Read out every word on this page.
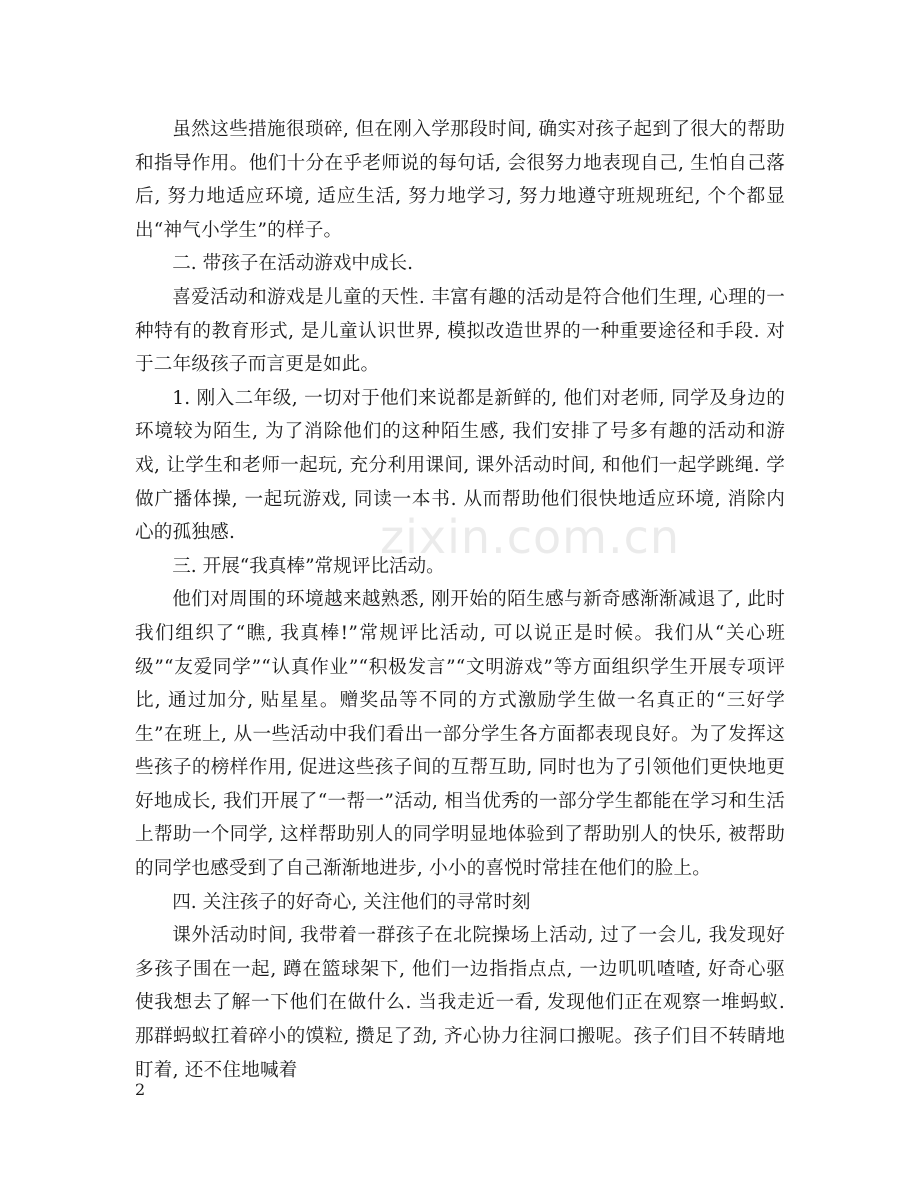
zixin.com.cn

虽然这些措施很琐碎, 但在刚入学那段时间, 确实对孩子起到了很大的帮助和指导作用。他们十分在乎老师说的每句话, 会很努力地表现自己, 生怕自己落后, 努力地适应环境, 适应生活, 努力地学习, 努力地遵守班规班纪, 个个都显出“神气小学生”的样子。

二. 带孩子在活动游戏中成长.

喜爱活动和游戏是儿童的天性. 丰富有趣的活动是符合他们生理, 心理的一种特有的教育形式, 是儿童认识世界, 模拟改造世界的一种重要途径和手段. 对于二年级孩子而言更是如此。

1. 刚入二年级, 一切对于他们来说都是新鲜的, 他们对老师, 同学及身边的环境较为陌生, 为了消除他们的这种陌生感, 我们安排了号多有趣的活动和游戏, 让学生和老师一起玩, 充分利用课间, 课外活动时间, 和他们一起学跳绳. 学做广播体操, 一起玩游戏, 同读一本书. 从而帮助他们很快地适应环境, 消除内心的孤独感.

三. 开展“我真棒”常规评比活动。

他们对周围的环境越来越熟悉, 刚开始的陌生感与新奇感渐渐减退了, 此时我们组织了“瞧, 我真棒!”常规评比活动, 可以说正是时候。我们从“关心班级”“友爱同学”“认真作业”“积极发言”“文明游戏”等方面组织学生开展专项评比, 通过加分, 贴星星。赠奖品等不同的方式激励学生做一名真正的“三好学生”在班上, 从一些活动中我们看出一部分学生各方面都表现良好。为了发挥这些孩子的榜样作用, 促进这些孩子间的互帮互助, 同时也为了引领他们更快地更好地成长, 我们开展了“一帮一”活动, 相当优秀的一部分学生都能在学习和生活上帮助一个同学, 这样帮助别人的同学明显地体验到了帮助别人的快乐, 被帮助的同学也感受到了自己渐渐地进步, 小小的喜悦时常挂在他们的脸上。

四. 关注孩子的好奇心, 关注他们的寻常时刻

课外活动时间, 我带着一群孩子在北院操场上活动, 过了一会儿, 我发现好多孩子围在一起, 蹲在篮球架下, 他们一边指指点点, 一边叽叽喳喳, 好奇心驱使我想去了解一下他们在做什么. 当我走近一看, 发现他们正在观察一堆蚂蚁. 那群蚂蚁扛着碎小的馍粒, 攒足了劲, 齐心协力往洞口搬呢。孩子们目不转睛地盯着, 还不住地喊着

2
